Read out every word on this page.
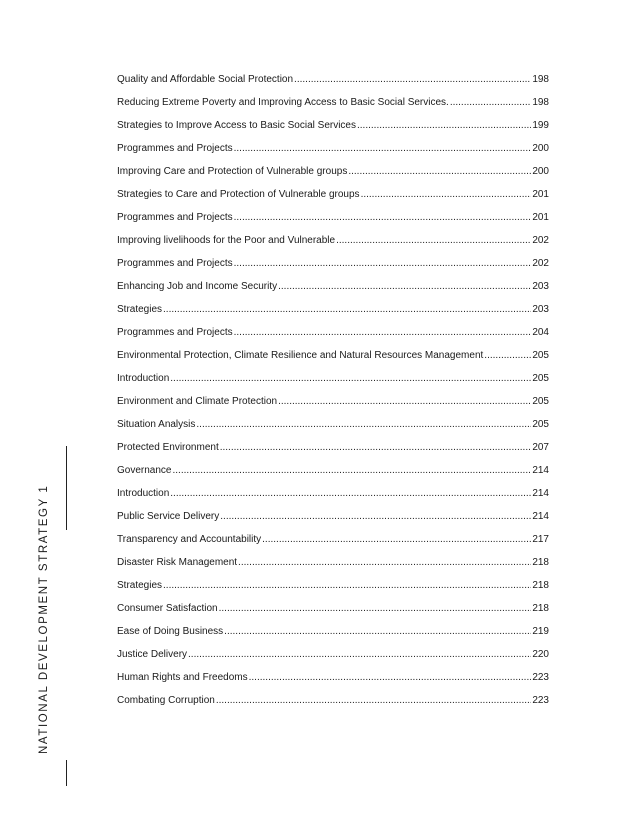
Quality and Affordable Social Protection .....	198
Reducing Extreme Poverty and Improving Access to Basic Social Services. .....	198
Strategies to Improve Access to Basic Social Services .....	199
Programmes and Projects .....	200
Improving Care and Protection of Vulnerable groups .....	200
Strategies to Care and Protection of Vulnerable groups .....	201
Programmes and Projects .....	201
Improving livelihoods for the Poor and Vulnerable .....	202
Programmes and Projects .....	202
Enhancing Job and Income Security .....	203
Strategies .....	203
Programmes and Projects .....	204
Environmental Protection, Climate Resilience and Natural Resources Management .....	205
Introduction .....	205
Environment and Climate Protection .....	205
Situation Analysis .....	205
Protected Environment .....	207
Governance .....	214
Introduction .....	214
Public Service Delivery .....	214
Transparency and Accountability .....	217
Disaster Risk Management .....	218
Strategies .....	218
Consumer Satisfaction .....	218
Ease of Doing Business .....	219
Justice Delivery .....	220
Human Rights and Freedoms .....	223
Combating Corruption .....	223
NATIONAL DEVELOPMENT STRATEGY 1
